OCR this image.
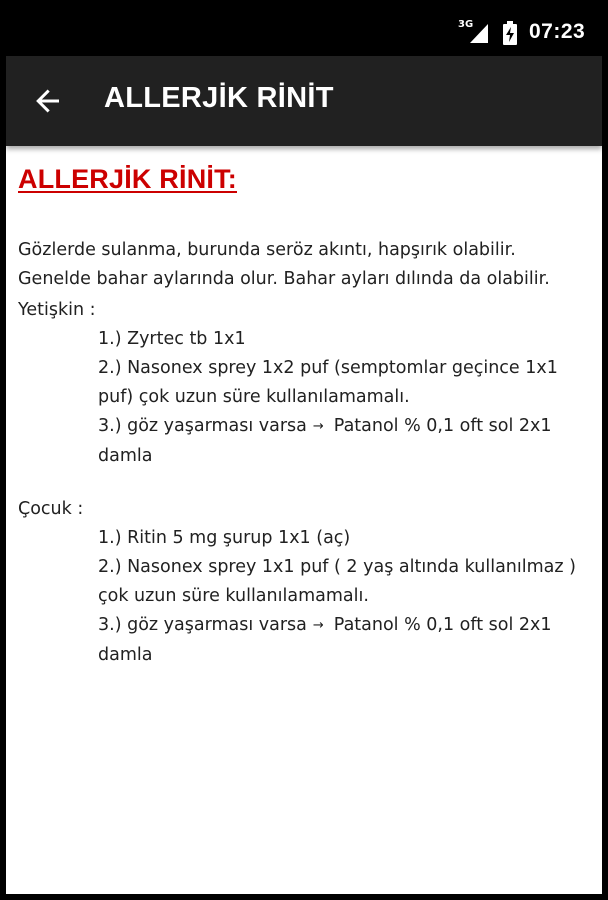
3G	07:23
ALLERJİK RİNİT
ALLERJİK RİNİT:

Gözlerde sulanma, burunda seröz akıntı, hapşırık olabilir. Genelde bahar aylarında olur. Bahar ayları dılında da olabilir.

Yetişkin :
1.) Zyrtec tb 1x1
2.) Nasonex sprey 1x2 puf (semptomlar geçince 1x1 puf) çok uzun süre kullanılamamalı.
3.) göz yaşarması varsa → Patanol % 0,1 oft sol 2x1 damla
Çocuk :
1.) Ritin 5 mg şurup 1x1 (aç)
2.) Nasonex sprey 1x1 puf ( 2 yaş altında kullanılmaz ) çok uzun süre kullanılamamalı.
3.) göz yaşarması varsa → Patanol % 0,1 oft sol 2x1 damla
